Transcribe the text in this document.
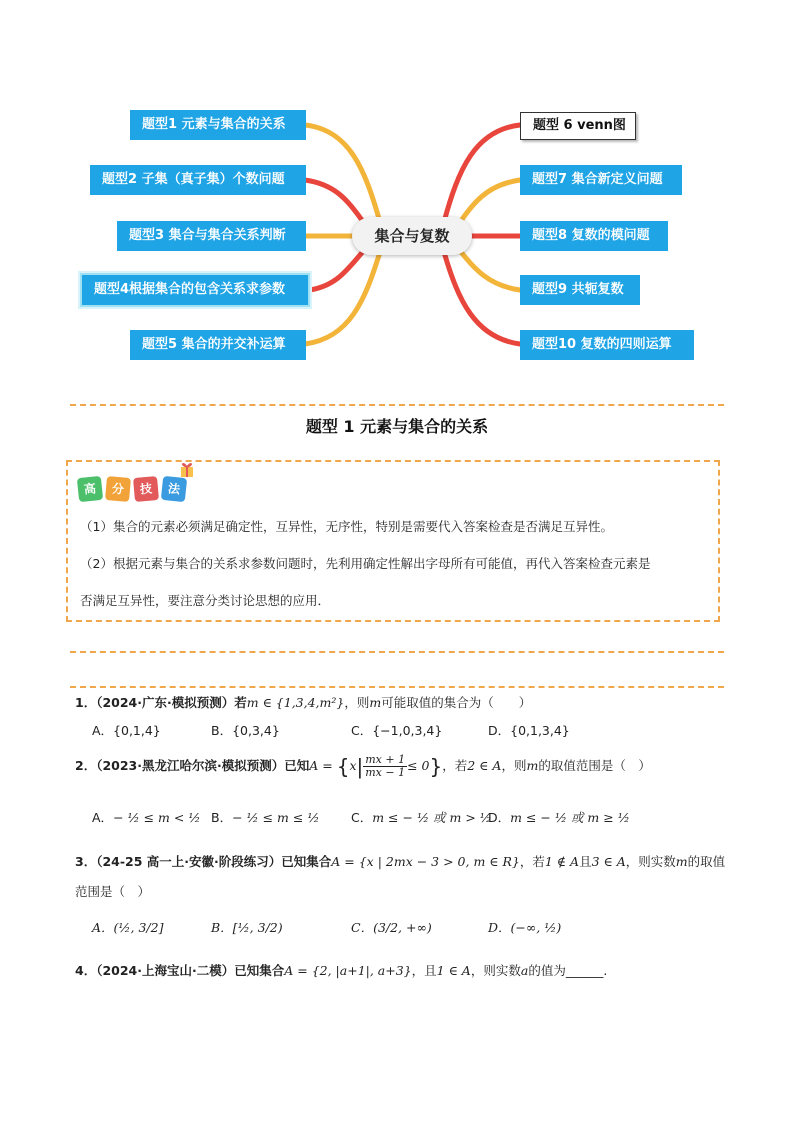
集合与复数
题型1 元素与集合的关系
题型2 子集（真子集）个数问题
题型3 集合与集合关系判断
题型4根据集合的包含关系求参数
题型5 集合的并交补运算
题型 6 venn图
题型7 集合新定义问题
题型8 复数的模问题
题型9 共轭复数
题型10 复数的四则运算
题型 1 元素与集合的关系
高	分	技	法
（1）集合的元素必须满足确定性，互异性，无序性，特别是需要代入答案检查是否满足互异性。
（2）根据元素与集合的关系求参数问题时，先利用确定性解出字母所有可能值，再代入答案检查元素是
否满足互异性，要注意分类讨论思想的应用．
1．（2024·广东·模拟预测）若m ∈ {1,3,4,m²}，则m可能取值的集合为（　　）
A．{0,1,4}	B．{0,3,4}	C．{−1,0,3,4}	D．{0,1,3,4}
2．（2023·黑龙江哈尔滨·模拟预测）已知$A = \{x| \frac{mx + 1}{mx - 1} \le 0\}$，若2 ∈ A，则m的取值范围是（　）
A．− ½ ≤ m < ½ B．− ½ ≤ m ≤ ½	C．m ≤ − ½ 或 m > ½
D．m ≤ − ½ 或 m ≥ ½
3．（24-25 高一上·安徽·阶段练习）已知集合A = {x | 2mx − 3 > 0, m ∈ R}，若1 ∉ A且3 ∈ A，则实数m的取值
范围是（　）
A．(½, 3/2]	B．[½, 3/2)	C．(3/2, +∞)	D．(−∞, ½)
4．（2024·上海宝山·二模）已知集合A = {2, |a+1|, a+3}，且1 ∈ A，则实数a的值为______.
